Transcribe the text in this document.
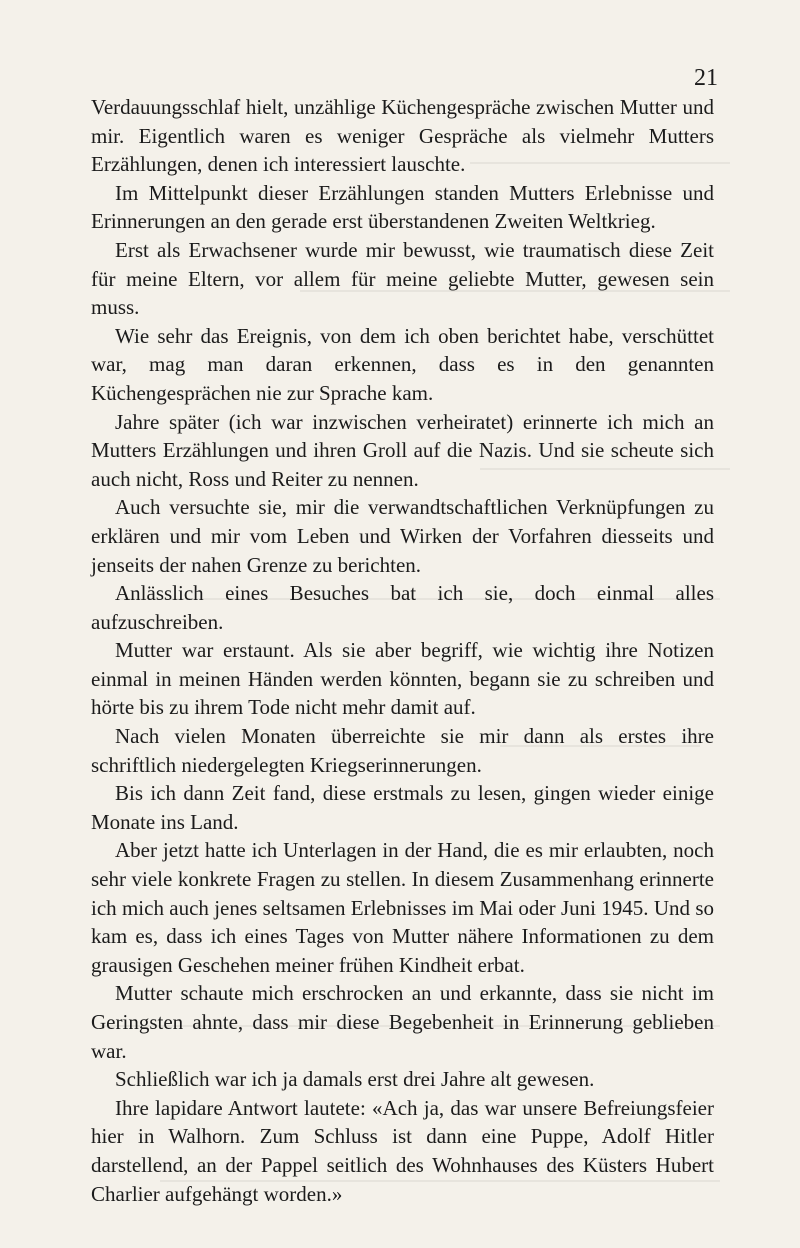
21

Verdauungsschlaf hielt, unzählige Küchengespräche zwischen Mutter und mir. Eigentlich waren es weniger Gespräche als vielmehr Mutters Erzählungen, denen ich interessiert lauschte.

Im Mittelpunkt dieser Erzählungen standen Mutters Erlebnisse und Erinnerungen an den gerade erst überstandenen Zweiten Weltkrieg.

Erst als Erwachsener wurde mir bewusst, wie traumatisch diese Zeit für meine Eltern, vor allem für meine geliebte Mutter, gewesen sein muss.

Wie sehr das Ereignis, von dem ich oben berichtet habe, verschüttet war, mag man daran erkennen, dass es in den genannten Küchengesprächen nie zur Sprache kam.

Jahre später (ich war inzwischen verheiratet) erinnerte ich mich an Mutters Erzählungen und ihren Groll auf die Nazis. Und sie scheute sich auch nicht, Ross und Reiter zu nennen.

Auch versuchte sie, mir die verwandtschaftlichen Verknüpfungen zu erklären und mir vom Leben und Wirken der Vorfahren diesseits und jenseits der nahen Grenze zu berichten.

Anlässlich eines Besuches bat ich sie, doch einmal alles aufzuschreiben.

Mutter war erstaunt. Als sie aber begriff, wie wichtig ihre Notizen einmal in meinen Händen werden könnten, begann sie zu schreiben und hörte bis zu ihrem Tode nicht mehr damit auf.

Nach vielen Monaten überreichte sie mir dann als erstes ihre schriftlich niedergelegten Kriegserinnerungen.

Bis ich dann Zeit fand, diese erstmals zu lesen, gingen wieder einige Monate ins Land.

Aber jetzt hatte ich Unterlagen in der Hand, die es mir erlaubten, noch sehr viele konkrete Fragen zu stellen. In diesem Zusammenhang erinnerte ich mich auch jenes seltsamen Erlebnisses im Mai oder Juni 1945. Und so kam es, dass ich eines Tages von Mutter nähere Informationen zu dem grausigen Geschehen meiner frühen Kindheit erbat.

Mutter schaute mich erschrocken an und erkannte, dass sie nicht im Geringsten ahnte, dass mir diese Begebenheit in Erinnerung geblieben war.

Schließlich war ich ja damals erst drei Jahre alt gewesen.

Ihre lapidare Antwort lautete: «Ach ja, das war unsere Befreiungsfeier hier in Walhorn. Zum Schluss ist dann eine Puppe, Adolf Hitler darstellend, an der Pappel seitlich des Wohnhauses des Küsters Hubert Charlier aufgehängt worden.»
